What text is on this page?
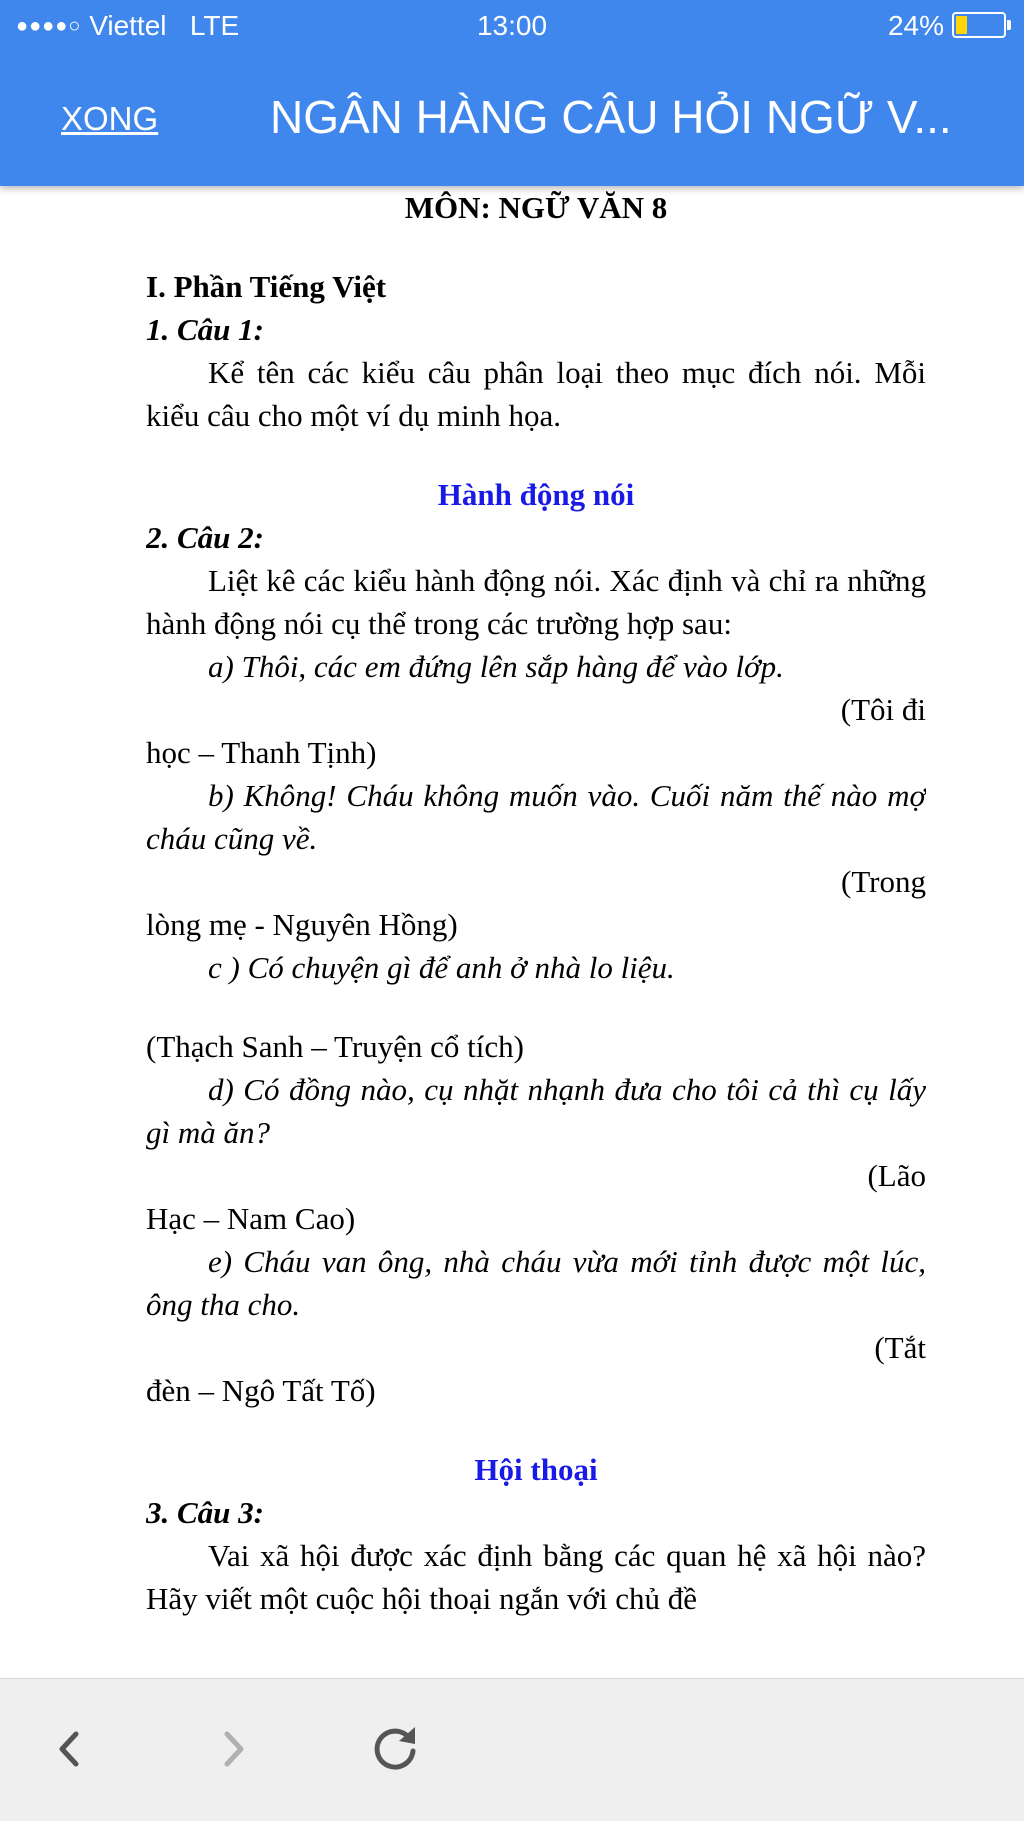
●●●●○ Viettel LTE	13:00	24%
XONG NGÂN HÀNG CÂU HỎI NGỮ V...

MÔN: NGỮ VĂN 8

I. Phần Tiếng Việt

1. Câu 1:

Kể tên các kiểu câu phân loại theo mục đích nói. Mỗi kiểu câu cho một ví dụ minh họa.

Hành động nói

2. Câu 2:

Liệt kê các kiểu hành động nói. Xác định và chỉ ra những hành động nói cụ thể trong các trường hợp sau:

a) Thôi, các em đứng lên sắp hàng để vào lớp.

(Tôi đi

học – Thanh Tịnh)

b) Không! Cháu không muốn vào. Cuối năm thế nào mợ cháu cũng về.

(Trong

lòng mẹ - Nguyên Hồng)

c ) Có chuyện gì để anh ở nhà lo liệu.

(Thạch Sanh – Truyện cổ tích)

d) Có đồng nào, cụ nhặt nhạnh đưa cho tôi cả thì cụ lấy gì mà ăn?

(Lão

Hạc – Nam Cao)

e) Cháu van ông, nhà cháu vừa mới tỉnh được một lúc, ông tha cho.

(Tắt

đèn – Ngô Tất Tố)

Hội thoại

3. Câu 3:

Vai xã hội được xác định bằng các quan hệ xã hội nào? Hãy viết một cuộc hội thoại ngắn với chủ đề
